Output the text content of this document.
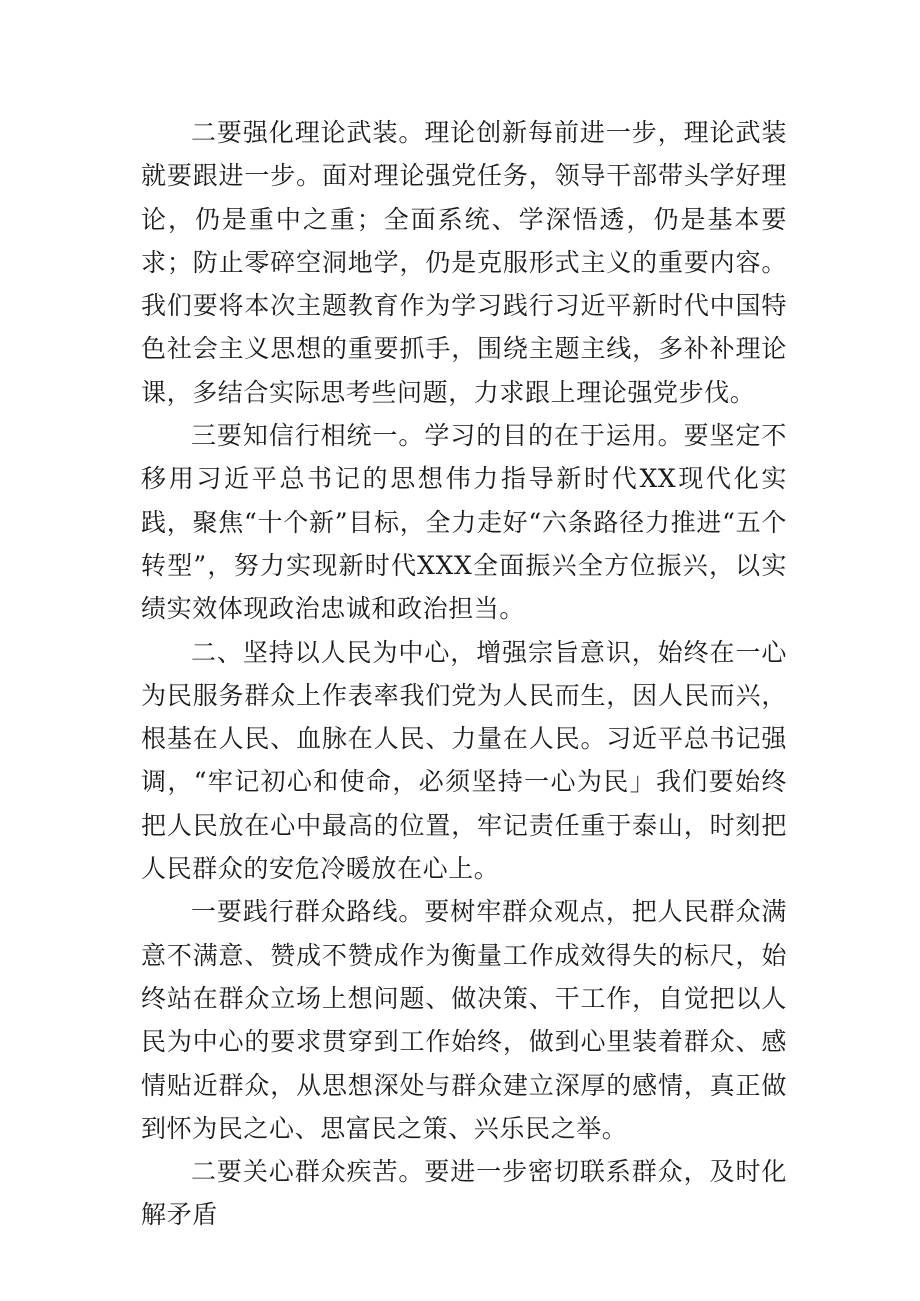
二要强化理论武装。理论创新每前进一步，理论武装就要跟进一步。面对理论强党任务，领导干部带头学好理论，仍是重中之重；全面系统、学深悟透，仍是基本要求；防止零碎空洞地学，仍是克服形式主义的重要内容。我们要将本次主题教育作为学习践行习近平新时代中国特色社会主义思想的重要抓手，围绕主题主线，多补补理论课，多结合实际思考些问题，力求跟上理论强党步伐。

三要知信行相统一。学习的目的在于运用。要坚定不移用习近平总书记的思想伟力指导新时代XX现代化实践，聚焦“十个新”目标，全力走好“六条路径力推进“五个转型”，努力实现新时代XXX全面振兴全方位振兴，以实绩实效体现政治忠诚和政治担当。

二、坚持以人民为中心，增强宗旨意识，始终在一心为民服务群众上作表率我们党为人民而生，因人民而兴，根基在人民、血脉在人民、力量在人民。习近平总书记强调，“牢记初心和使命，必须坚持一心为民」我们要始终把人民放在心中最高的位置，牢记责任重于泰山，时刻把人民群众的安危冷暖放在心上。

一要践行群众路线。要树牢群众观点，把人民群众满意不满意、赞成不赞成作为衡量工作成效得失的标尺，始终站在群众立场上想问题、做决策、干工作，自觉把以人民为中心的要求贯穿到工作始终，做到心里装着群众、感情贴近群众，从思想深处与群众建立深厚的感情，真正做到怀为民之心、思富民之策、兴乐民之举。

二要关心群众疾苦。要进一步密切联系群众，及时化解矛盾
